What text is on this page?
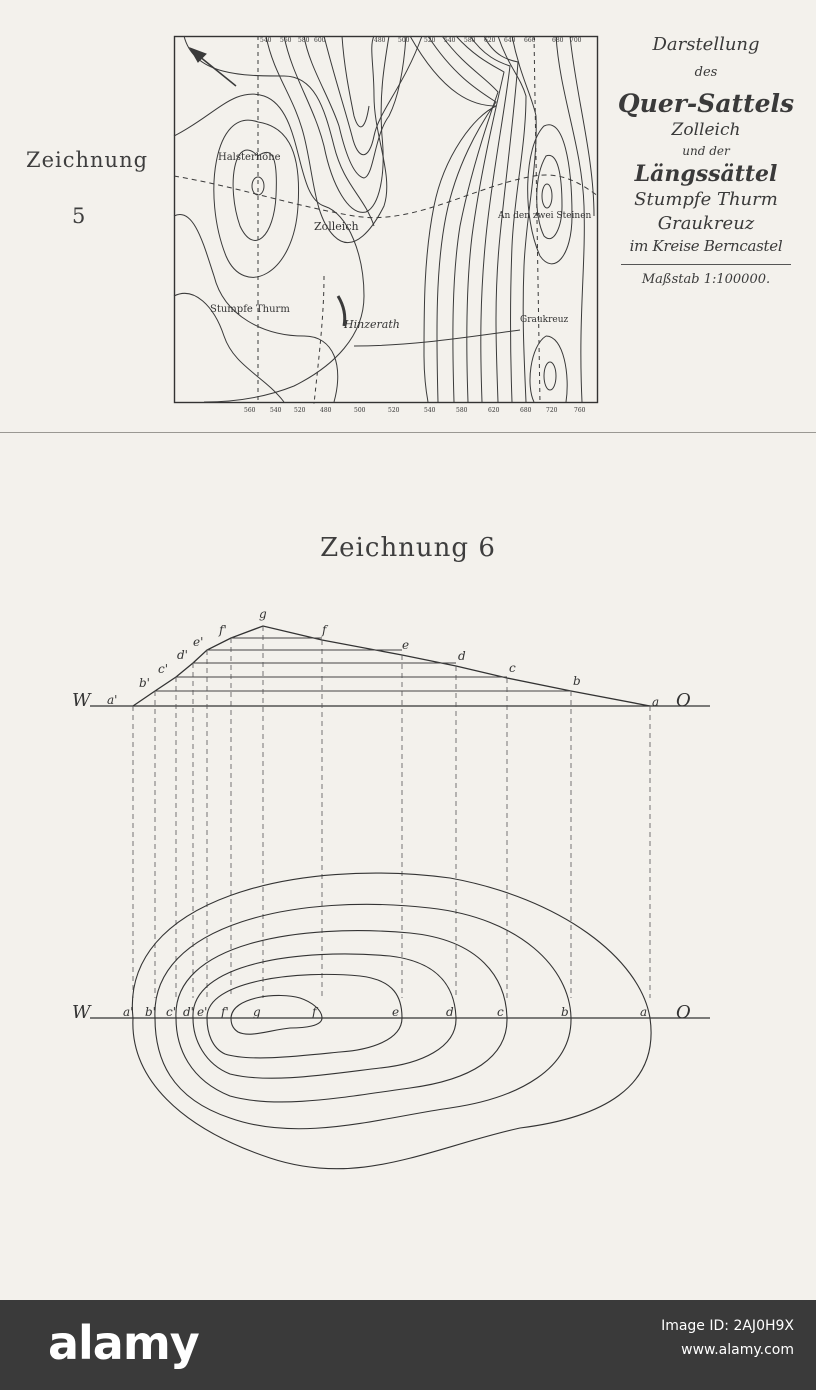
Zeichnung
5
540 560 580 600	480 500 520 540 580 620 640 660	680 700
560 540 520 480	500	520	540	580	620	680 720	760
Halsterhöhe
Zolleich
Stumpfe Thurm
Hinzerath
An den zwei Steinen
Graukreuz
Darstellung
des
Quer-Sattels
Zolleich
und der
Längssättel
Stumpfe Thurm
Graukreuz
im Kreise Berncastel
Maßstab 1:100000.
Zeichnung 6
W	O
W	O
a'
b'
c'
d'
e'
f'
g
f
e
d
c
b
a
a' b' c' d' e' f' g	f	e	d	c	b	a
alamy	Image ID: 2AJ0H9X
www.alamy.com
